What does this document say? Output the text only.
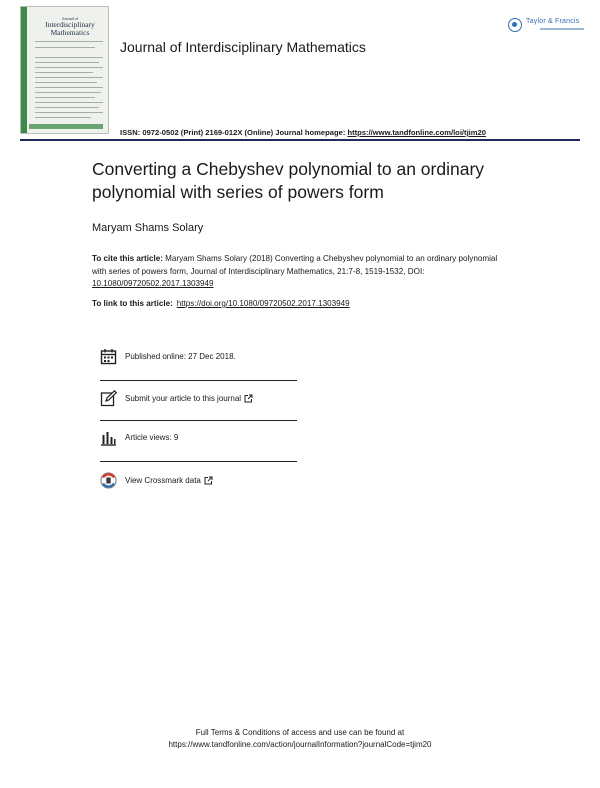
Journal of
Interdisciplinary Mathematics
Taylor & Francis
Journal of Interdisciplinary Mathematics
ISSN: 0972-0502 (Print) 2169-012X (Online) Journal homepage: https://www.tandfonline.com/loi/tjim20
Converting a Chebyshev polynomial to an ordinary polynomial with series of powers form
Maryam Shams Solary
To cite this article: Maryam Shams Solary (2018) Converting a Chebyshev polynomial to an ordinary polynomial with series of powers form, Journal of Interdisciplinary Mathematics, 21:7-8, 1519-1532, DOI: 10.1080/09720502.2017.1303949
To link to this article: https://doi.org/10.1080/09720502.2017.1303949
Published online: 27 Dec 2018.
Submit your article to this journal
Article views: 9
View Crossmark data
Full Terms & Conditions of access and use can be found at
https://www.tandfonline.com/action/journalInformation?journalCode=tjim20
